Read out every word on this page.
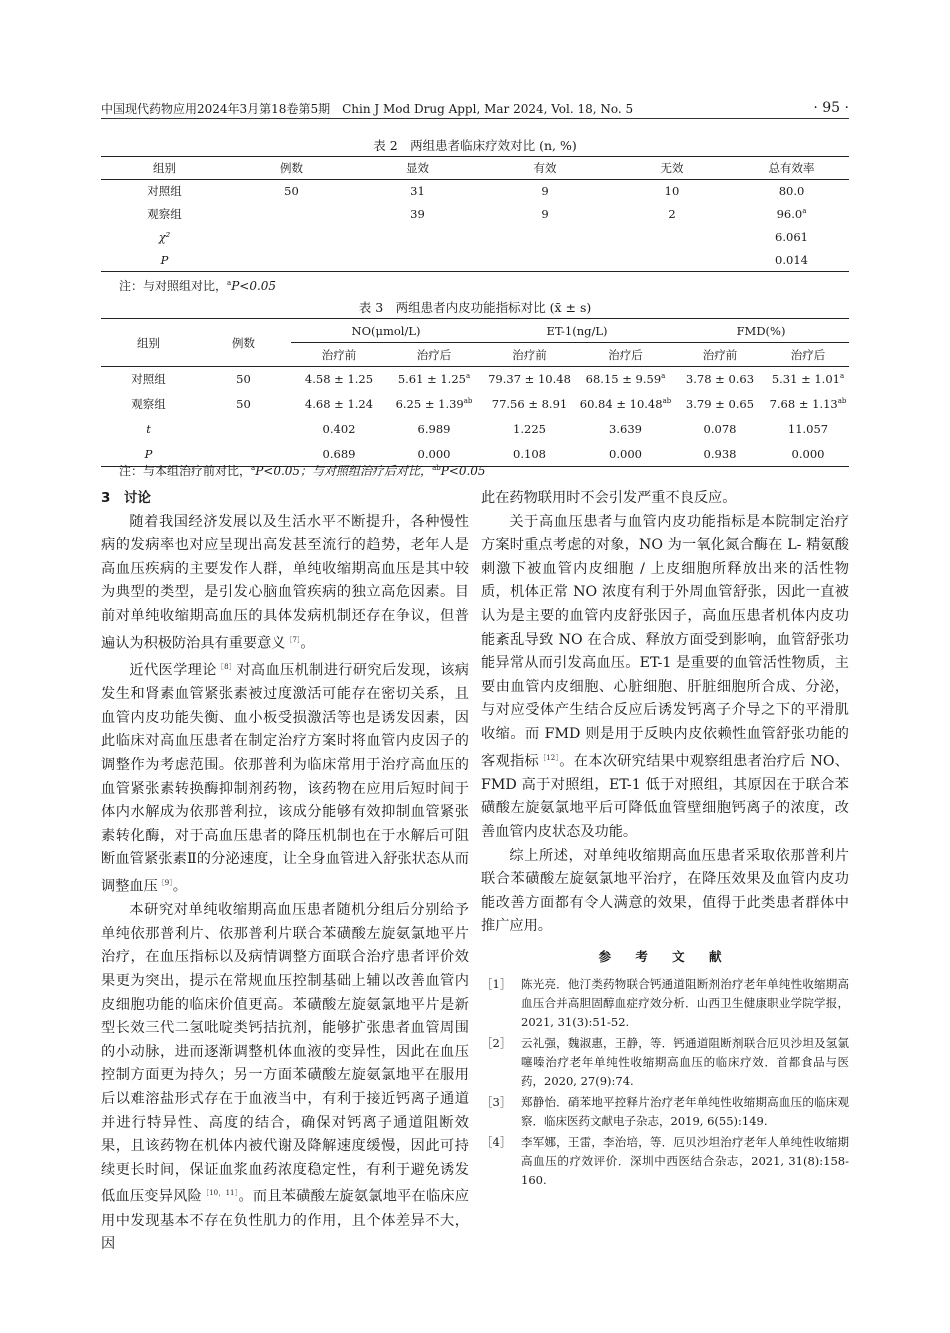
中国现代药物应用2024年3月第18卷第5期　Chin J Mod Drug Appl, Mar 2024, Vol. 18, No. 5	· 95 ·
表 2　两组患者临床疗效对比 (n, %)
组别	例数	显效	有效	无效	总有效率
对照组	50	31	9	10	80.0
观察组		39	9	2	96.0$^a$
χ²					6.061
P					0.014
注：与对照组对比，$^a$P<0.05
表 3　两组患者内皮功能指标对比 (x̄ ± s)
组别	例数	NO(μmol/L)		ET-1(ng/L)		FMD(%)	
		治疗前	治疗后	治疗前	治疗后	治疗前	治疗后
对照组	50	4.58 ± 1.25	5.61 ± 1.25$^a$	79.37 ± 10.48	68.15 ± 9.59$^a$	3.78 ± 0.63	5.31 ± 1.01$^a$
观察组	50	4.68 ± 1.24	6.25 ± 1.39$^{ab}$	77.56 ± 8.91	60.84 ± 10.48$^{ab}$	3.79 ± 0.65	7.68 ± 1.13$^{ab}$
t		0.402	6.989	1.225	3.639	0.078	11.057
P		0.689	0.000	0.108	0.000	0.938	0.000
注：与本组治疗前对比，$^a$P<0.05；与对照组治疗后对比，$^{ab}$P<0.05

3　讨论

随着我国经济发展以及生活水平不断提升，各种慢性病的发病率也对应呈现出高发甚至流行的趋势，老年人是高血压疾病的主要发作人群，单纯收缩期高血压是其中较为典型的类型，是引发心脑血管疾病的独立高危因素。目前对单纯收缩期高血压的具体发病机制还存在争议，但普遍认为积极防治具有重要意义$^{[7]}$。

近代医学理论$^{[8]}$对高血压机制进行研究后发现，该病发生和肾素血管紧张素被过度激活可能存在密切关系，且血管内皮功能失衡、血小板受损激活等也是诱发因素，因此临床对高血压患者在制定治疗方案时将血管内皮因子的调整作为考虑范围。依那普利为临床常用于治疗高血压的血管紧张素转换酶抑制剂药物，该药物在应用后短时间于体内水解成为依那普利拉，该成分能够有效抑制血管紧张素转化酶，对于高血压患者的降压机制也在于水解后可阻断血管紧张素Ⅱ的分泌速度，让全身血管进入舒张状态从而调整血压$^{[9]}$。

本研究对单纯收缩期高血压患者随机分组后分别给予单纯依那普利片、依那普利片联合苯磺酸左旋氨氯地平片治疗，在血压指标以及病情调整方面联合治疗患者评价效果更为突出，提示在常规血压控制基础上辅以改善血管内皮细胞功能的临床价值更高。苯磺酸左旋氨氯地平片是新型长效三代二氢吡啶类钙拮抗剂，能够扩张患者血管周围的小动脉，进而逐渐调整机体血液的变异性，因此在血压控制方面更为持久；另一方面苯磺酸左旋氨氯地平在服用后以难溶盐形式存在于血液当中，有利于接近钙离子通道并进行特异性、高度的结合，确保对钙离子通道阻断效果，且该药物在机体内被代谢及降解速度缓慢，因此可持续更长时间，保证血浆血药浓度稳定性，有利于避免诱发低血压变异风险$^{[10,11]}$。而且苯磺酸左旋氨氯地平在临床应用中发现基本不存在负性肌力的作用，且个体差异不大，因

此在药物联用时不会引发严重不良反应。

关于高血压患者与血管内皮功能指标是本院制定治疗方案时重点考虑的对象，NO 为一氧化氮合酶在 L- 精氨酸刺激下被血管内皮细胞 / 上皮细胞所释放出来的活性物质，机体正常 NO 浓度有利于外周血管舒张，因此一直被认为是主要的血管内皮舒张因子，高血压患者机体内皮功能紊乱导致 NO 在合成、释放方面受到影响，血管舒张功能异常从而引发高血压。ET-1 是重要的血管活性物质，主要由血管内皮细胞、心脏细胞、肝脏细胞所合成、分泌，与对应受体产生结合反应后诱发钙离子介导之下的平滑肌收缩。而 FMD 则是用于反映内皮依赖性血管舒张功能的客观指标$^{[12]}$。在本次研究结果中观察组患者治疗后 NO、FMD 高于对照组，ET-1 低于对照组，其原因在于联合苯磺酸左旋氨氯地平后可降低血管壁细胞钙离子的浓度，改善血管内皮状态及功能。

综上所述，对单纯收缩期高血压患者采取依那普利片联合苯磺酸左旋氨氯地平治疗，在降压效果及血管内皮功能改善方面都有令人满意的效果，值得于此类患者群体中推广应用。

参 考 文 献
［1］ 陈光亮．他汀类药物联合钙通道阻断剂治疗老年单纯性收缩期高血压合并高胆固醇血症疗效分析．山西卫生健康职业学院学报，2021, 31(3):51-52.
［2］ 云礼强，魏淑惠，王静，等．钙通道阻断剂联合厄贝沙坦及氢氯噻嗪治疗老年单纯性收缩期高血压的临床疗效．首都食品与医药，2020, 27(9):74.
［3］ 郑静怡．硝苯地平控释片治疗老年单纯性收缩期高血压的临床观察．临床医药文献电子杂志，2019, 6(55):149.
［4］ 李军娜，王雷，李治培，等．厄贝沙坦治疗老年人单纯性收缩期高血压的疗效评价．深圳中西医结合杂志，2021, 31(8):158-160.
